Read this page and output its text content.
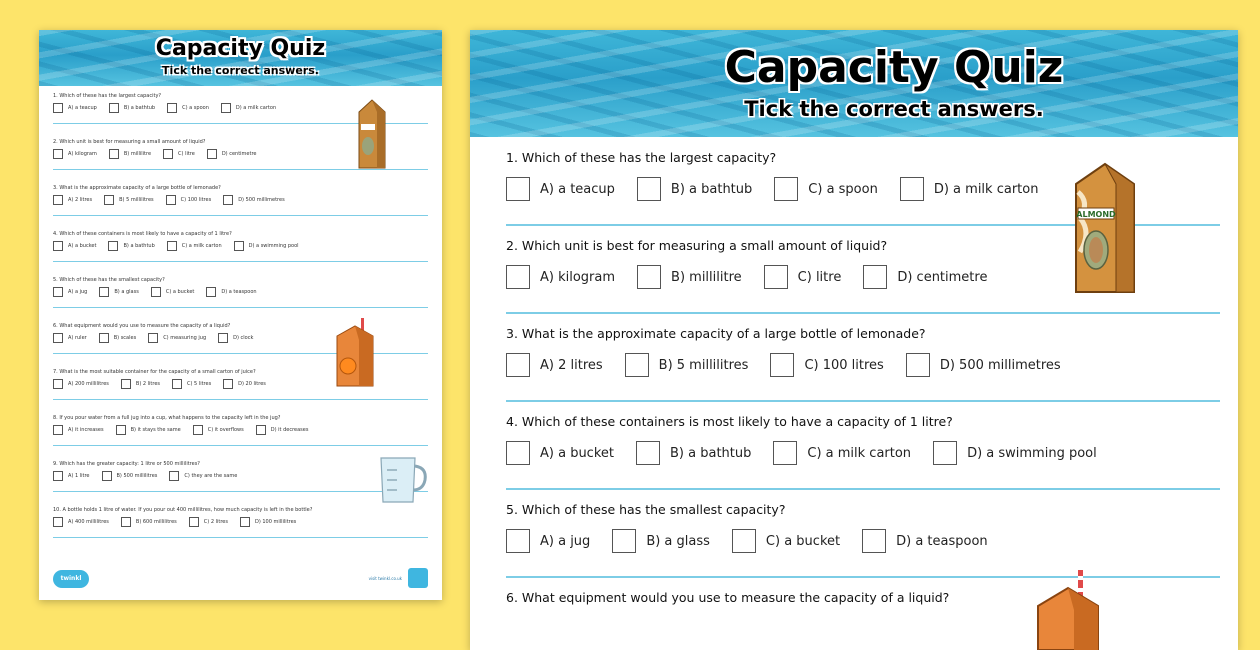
Capacity Quiz
Tick the correct answers.
1. Which of these has the largest capacity?
A) a teacup	B) a bathtub	C) a spoon	D) a milk carton
2. Which unit is best for measuring a small amount of liquid?
A) kilogram	B) millilitre	C) litre	D) centimetre
3. What is the approximate capacity of a large bottle of lemonade?
A) 2 litres	B) 5 millilitres	C) 100 litres	D) 500 millimetres
4. Which of these containers is most likely to have a capacity of 1 litre?
A) a bucket	B) a bathtub	C) a milk carton	D) a swimming pool
5. Which of these has the smallest capacity?
A) a jug	B) a glass	C) a bucket	D) a teaspoon
6. What equipment would you use to measure the capacity of a liquid?
A) ruler	B) scales	C) measuring jug	D) clock
7. What is the most suitable container for the capacity of a small carton of juice?
A) 200 millilitres	B) 2 litres	C) 5 litres	D) 20 litres
8. If you pour water from a full jug into a cup, what happens to the capacity left in the jug?
A) it increases	B) it stays the same	C) it overflows	D) it decreases
9. Which has the greater capacity: 1 litre or 500 millilitres?
A) 1 litre	B) 500 millilitres	C) they are the same
10. A bottle holds 1 litre of water. If you pour out 400 millilitres, how much capacity is left in the bottle?
A) 400 millilitres	B) 600 millilitres	C) 2 litres	D) 100 millilitres
twinkl	visit twinkl.co.uk
Capacity Quiz
Tick the correct answers.
1. Which of these has the largest capacity?
A) a teacup	B) a bathtub	C) a spoon	D) a milk carton
2. Which unit is best for measuring a small amount of liquid?
A) kilogram	B) millilitre	C) litre	D) centimetre
3. What is the approximate capacity of a large bottle of lemonade?
A) 2 litres	B) 5 millilitres	C) 100 litres	D) 500 millimetres
4. Which of these containers is most likely to have a capacity of 1 litre?
A) a bucket	B) a bathtub	C) a milk carton	D) a swimming pool
5. Which of these has the smallest capacity?
A) a jug	B) a glass	C) a bucket	D) a teaspoon
6. What equipment would you use to measure the capacity of a liquid?
ALMOND
